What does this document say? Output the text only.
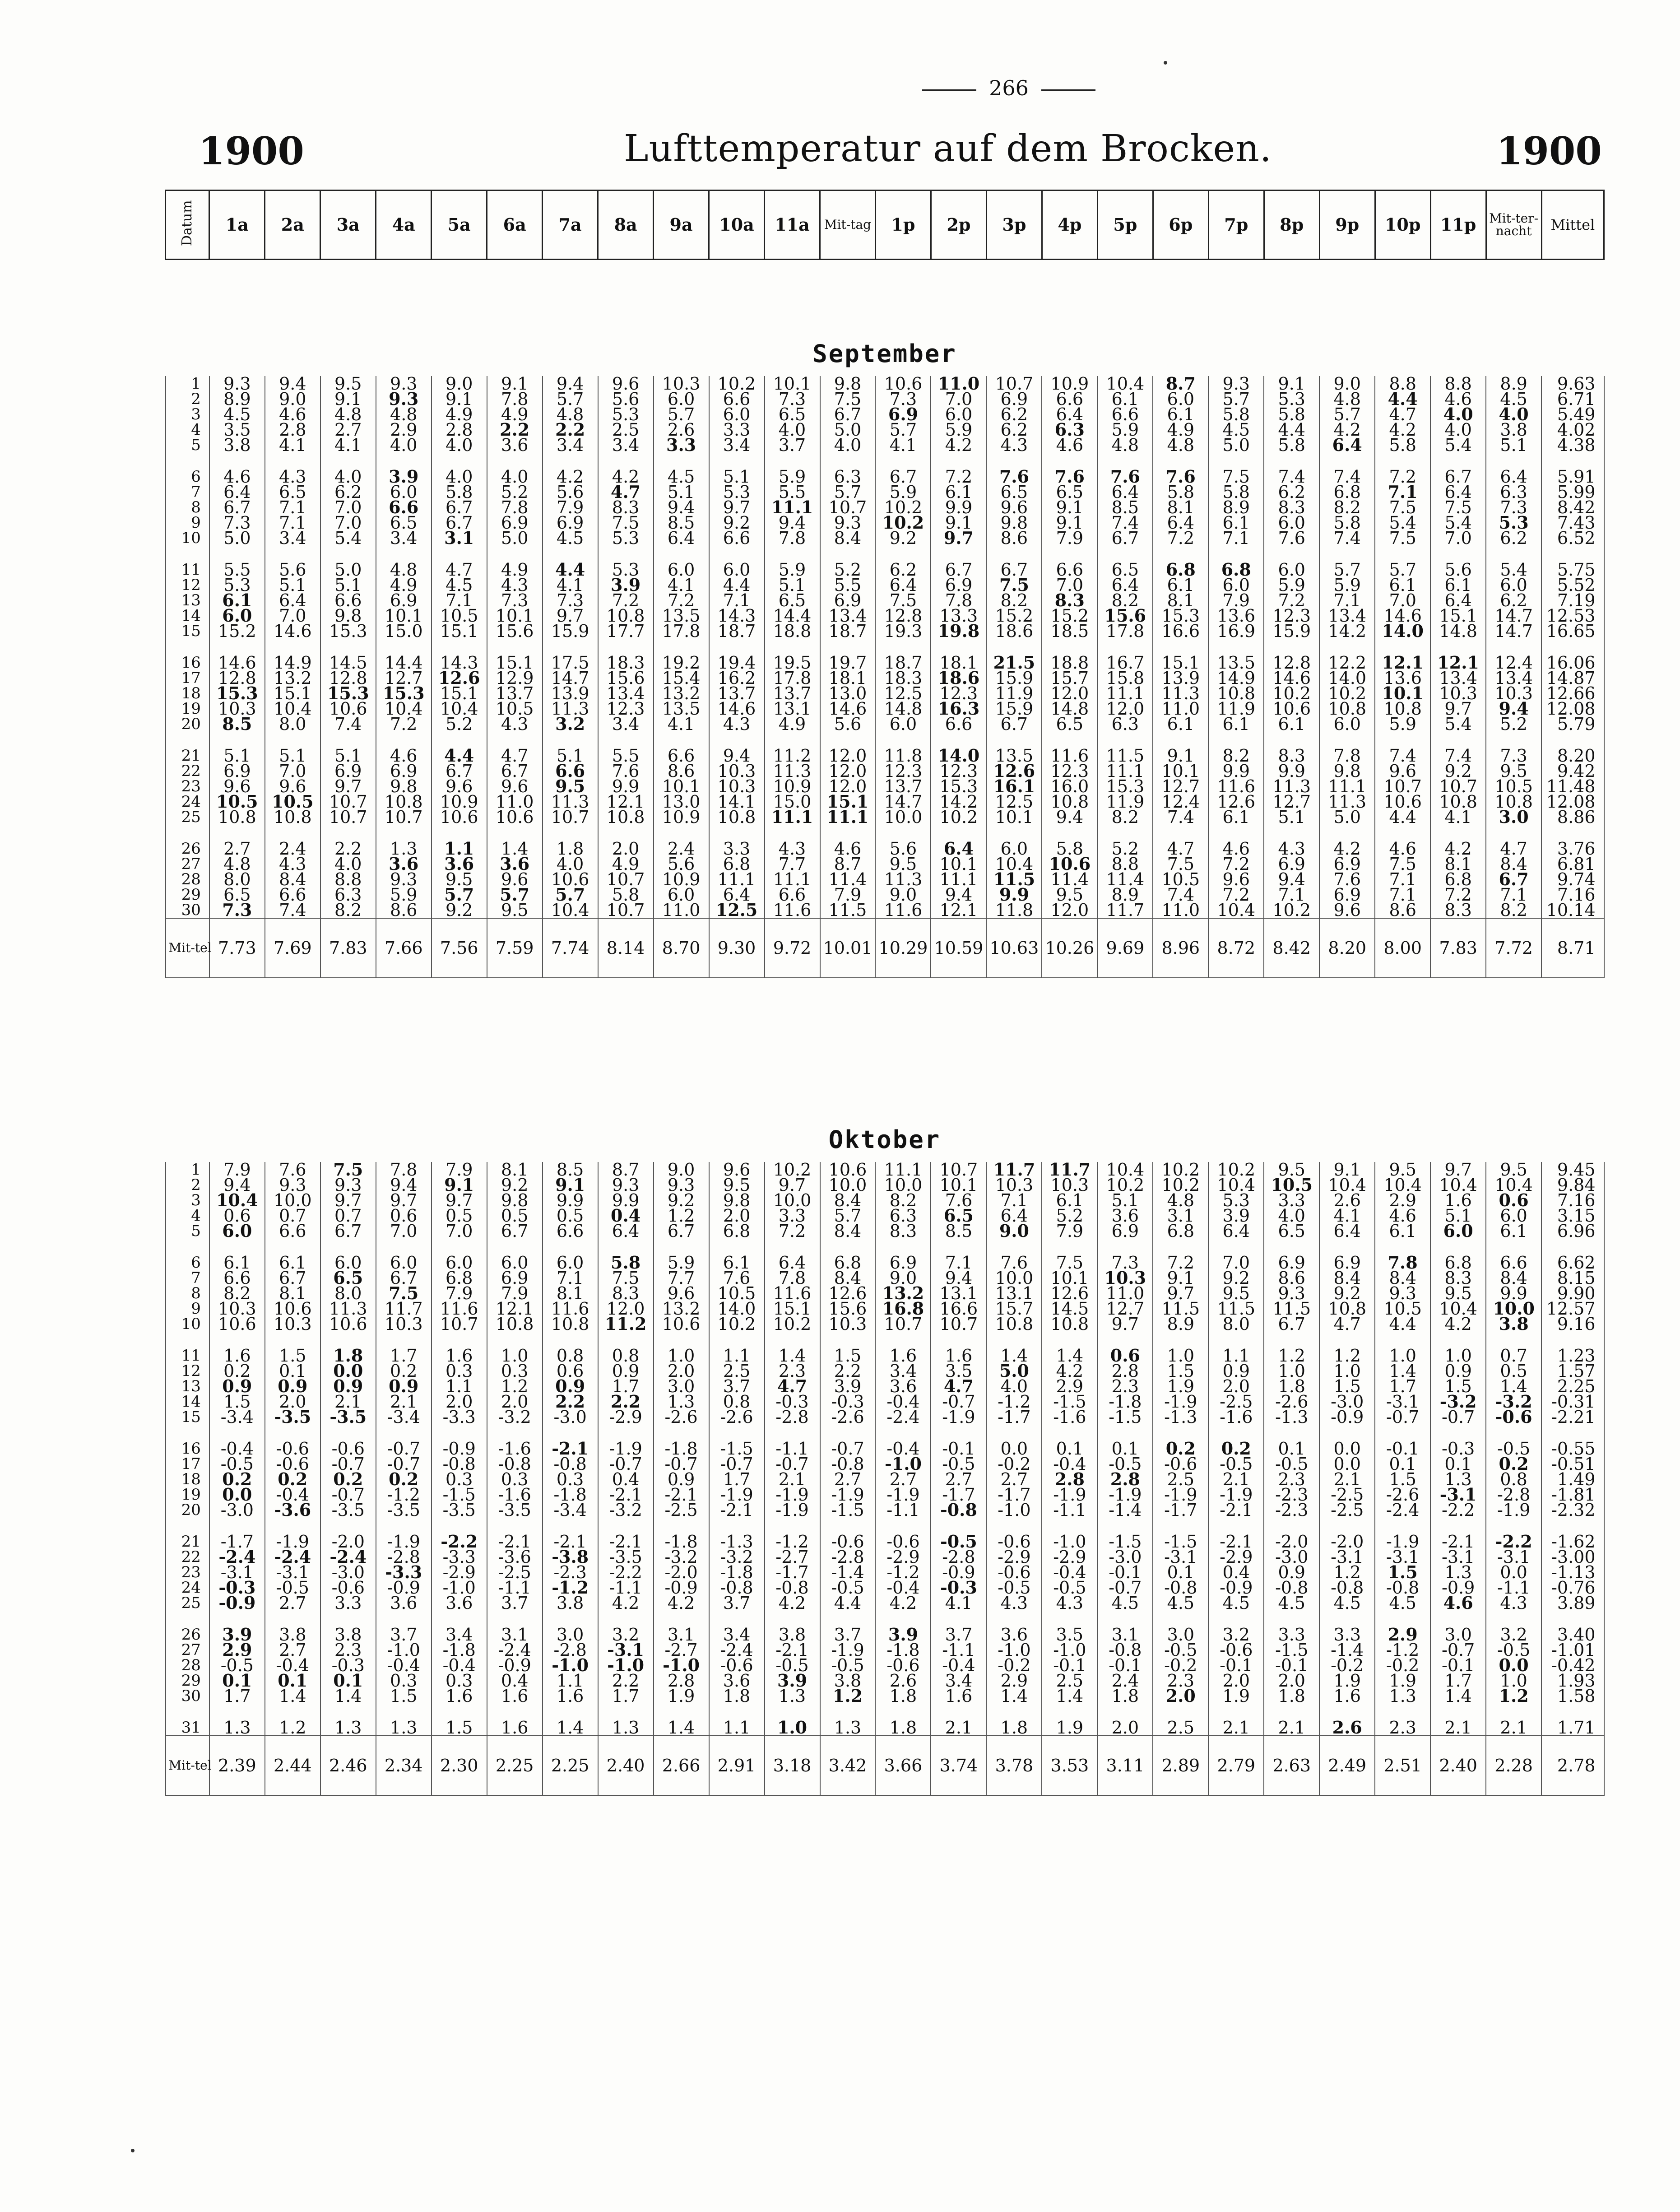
266
1900	Lufttemperatur auf dem Brocken.	1900
Datum	1a	2a	3a	4a	5a	6a	7a	8a	9a	10a	11a	Mit-tag	1p	2p	3p	4p	5p	6p	7p	8p	9p	10p	11p	Mit-ter-nacht	Mittel
September																									
1	9.3	9.4	9.5	9.3	9.0	9.1	9.4	9.6	10.3	10.2	10.1	9.8	10.6	11.0	10.7	10.9	10.4	8.7	9.3	9.1	9.0	8.8	8.8	8.9	9.63
2	8.9	9.0	9.1	9.3	9.1	7.8	5.7	5.6	6.0	6.6	7.3	7.5	7.3	7.0	6.9	6.6	6.1	6.0	5.7	5.3	4.8	4.4	4.6	4.5	6.71
3	4.5	4.6	4.8	4.8	4.9	4.9	4.8	5.3	5.7	6.0	6.5	6.7	6.9	6.0	6.2	6.4	6.6	6.1	5.8	5.8	5.7	4.7	4.0	4.0	5.49
4	3.5	2.8	2.7	2.9	2.8	2.2	2.2	2.5	2.6	3.3	4.0	5.0	5.7	5.9	6.2	6.3	5.9	4.9	4.5	4.4	4.2	4.2	4.0	3.8	4.02
5	3.8	4.1	4.1	4.0	4.0	3.6	3.4	3.4	3.3	3.4	3.7	4.0	4.1	4.2	4.3	4.6	4.8	4.8	5.0	5.8	6.4	5.8	5.4	5.1	4.38

6	4.6	4.3	4.0	3.9	4.0	4.0	4.2	4.2	4.5	5.1	5.9	6.3	6.7	7.2	7.6	7.6	7.6	7.6	7.5	7.4	7.4	7.2	6.7	6.4	5.91
7	6.4	6.5	6.2	6.0	5.8	5.2	5.6	4.7	5.1	5.3	5.5	5.7	5.9	6.1	6.5	6.5	6.4	5.8	5.8	6.2	6.8	7.1	6.4	6.3	5.99
8	6.7	7.1	7.0	6.6	6.7	7.8	7.9	8.3	9.4	9.7	11.1	10.7	10.2	9.9	9.6	9.1	8.5	8.1	8.9	8.3	8.2	7.5	7.5	7.3	8.42
9	7.3	7.1	7.0	6.5	6.7	6.9	6.9	7.5	8.5	9.2	9.4	9.3	10.2	9.1	9.8	9.1	7.4	6.4	6.1	6.0	5.8	5.4	5.4	5.3	7.43
10	5.0	3.4	5.4	3.4	3.1	5.0	4.5	5.3	6.4	6.6	7.8	8.4	9.2	9.7	8.6	7.9	6.7	7.2	7.1	7.6	7.4	7.5	7.0	6.2	6.52

11	5.5	5.6	5.0	4.8	4.7	4.9	4.4	5.3	6.0	6.0	5.9	5.2	6.2	6.7	6.7	6.6	6.5	6.8	6.8	6.0	5.7	5.7	5.6	5.4	5.75
12	5.3	5.1	5.1	4.9	4.5	4.3	4.1	3.9	4.1	4.4	5.1	5.5	6.4	6.9	7.5	7.0	6.4	6.1	6.0	5.9	5.9	6.1	6.1	6.0	5.52
13	6.1	6.4	6.6	6.9	7.1	7.3	7.3	7.2	7.2	7.1	6.5	6.9	7.5	7.8	8.2	8.3	8.2	8.1	7.9	7.2	7.1	7.0	6.4	6.2	7.19
14	6.0	7.0	9.8	10.1	10.5	10.1	9.7	10.8	13.5	14.3	14.4	13.4	12.8	13.3	15.2	15.2	15.6	15.3	13.6	12.3	13.4	14.6	15.1	14.7	12.53
15	15.2	14.6	15.3	15.0	15.1	15.6	15.9	17.7	17.8	18.7	18.8	18.7	19.3	19.8	18.6	18.5	17.8	16.6	16.9	15.9	14.2	14.0	14.8	14.7	16.65

16	14.6	14.9	14.5	14.4	14.3	15.1	17.5	18.3	19.2	19.4	19.5	19.7	18.7	18.1	21.5	18.8	16.7	15.1	13.5	12.8	12.2	12.1	12.1	12.4	16.06
17	12.8	13.2	12.8	12.7	12.6	12.9	14.7	15.6	15.4	16.2	17.8	18.1	18.3	18.6	15.9	15.7	15.8	13.9	14.9	14.6	14.0	13.6	13.4	13.4	14.87
18	15.3	15.1	15.3	15.3	15.1	13.7	13.9	13.4	13.2	13.7	13.7	13.0	12.5	12.3	11.9	12.0	11.1	11.3	10.8	10.2	10.2	10.1	10.3	10.3	12.66
19	10.3	10.4	10.6	10.4	10.4	10.5	11.3	12.3	13.5	14.6	13.1	14.6	14.8	16.3	15.9	14.8	12.0	11.0	11.9	10.6	10.8	10.8	9.7	9.4	12.08
20	8.5	8.0	7.4	7.2	5.2	4.3	3.2	3.4	4.1	4.3	4.9	5.6	6.0	6.6	6.7	6.5	6.3	6.1	6.1	6.1	6.0	5.9	5.4	5.2	5.79

21	5.1	5.1	5.1	4.6	4.4	4.7	5.1	5.5	6.6	9.4	11.2	12.0	11.8	14.0	13.5	11.6	11.5	9.1	8.2	8.3	7.8	7.4	7.4	7.3	8.20
22	6.9	7.0	6.9	6.9	6.7	6.7	6.6	7.6	8.6	10.3	11.3	12.0	12.3	12.3	12.6	12.3	11.1	10.1	9.9	9.9	9.8	9.6	9.2	9.5	9.42
23	9.6	9.6	9.7	9.8	9.6	9.6	9.5	9.9	10.1	10.3	10.9	12.0	13.7	15.3	16.1	16.0	15.3	12.7	11.6	11.3	11.1	10.7	10.7	10.5	11.48
24	10.5	10.5	10.7	10.8	10.9	11.0	11.3	12.1	13.0	14.1	15.0	15.1	14.7	14.2	12.5	10.8	11.9	12.4	12.6	12.7	11.3	10.6	10.8	10.8	12.08
25	10.8	10.8	10.7	10.7	10.6	10.6	10.7	10.8	10.9	10.8	11.1	11.1	10.0	10.2	10.1	9.4	8.2	7.4	6.1	5.1	5.0	4.4	4.1	3.0	8.86

26	2.7	2.4	2.2	1.3	1.1	1.4	1.8	2.0	2.4	3.3	4.3	4.6	5.6	6.4	6.0	5.8	5.2	4.7	4.6	4.3	4.2	4.6	4.2	4.7	3.76
27	4.8	4.3	4.0	3.6	3.6	3.6	4.0	4.9	5.6	6.8	7.7	8.7	9.5	10.1	10.4	10.6	8.8	7.5	7.2	6.9	6.9	7.5	8.1	8.4	6.81
28	8.0	8.4	8.8	9.3	9.5	9.6	10.6	10.7	10.9	11.1	11.1	11.4	11.3	11.1	11.5	11.4	11.4	10.5	9.6	9.4	7.6	7.1	6.8	6.7	9.74
29	6.5	6.6	6.3	5.9	5.7	5.7	5.7	5.8	6.0	6.4	6.6	7.9	9.0	9.4	9.9	9.5	8.9	7.4	7.2	7.1	6.9	7.1	7.2	7.1	7.16
30	7.3	7.4	8.2	8.6	9.2	9.5	10.4	10.7	11.0	12.5	11.6	11.5	11.6	12.1	11.8	12.0	11.7	11.0	10.4	10.2	9.6	8.6	8.3	8.2	10.14
Mit-tel	7.73	7.69	7.83	7.66	7.56	7.59	7.74	8.14	8.70	9.30	9.72	10.01	10.29	10.59	10.63	10.26	9.69	8.96	8.72	8.42	8.20	8.00	7.83	7.72	8.71

Oktober																									
1	7.9	7.6	7.5	7.8	7.9	8.1	8.5	8.7	9.0	9.6	10.2	10.6	11.1	10.7	11.7	11.7	10.4	10.2	10.2	9.5	9.1	9.5	9.7	9.5	9.45
2	9.4	9.3	9.3	9.4	9.1	9.2	9.1	9.3	9.3	9.5	9.7	10.0	10.0	10.1	10.3	10.3	10.2	10.2	10.4	10.5	10.4	10.4	10.4	10.4	9.84
3	10.4	10.0	9.7	9.7	9.7	9.8	9.9	9.9	9.2	9.8	10.0	8.4	8.2	7.6	7.1	6.1	5.1	4.8	5.3	3.3	2.6	2.9	1.6	0.6	7.16
4	0.6	0.7	0.7	0.6	0.5	0.5	0.5	0.4	1.2	2.0	3.3	5.7	6.3	6.5	6.4	5.2	3.6	3.1	3.9	4.0	4.1	4.6	5.1	6.0	3.15
5	6.0	6.6	6.7	7.0	7.0	6.7	6.6	6.4	6.7	6.8	7.2	8.4	8.3	8.5	9.0	7.9	6.9	6.8	6.4	6.5	6.4	6.1	6.0	6.1	6.96

6	6.1	6.1	6.0	6.0	6.0	6.0	6.0	5.8	5.9	6.1	6.4	6.8	6.9	7.1	7.6	7.5	7.3	7.2	7.0	6.9	6.9	7.8	6.8	6.6	6.62
7	6.6	6.7	6.5	6.7	6.8	6.9	7.1	7.5	7.7	7.6	7.8	8.4	9.0	9.4	10.0	10.1	10.3	9.1	9.2	8.6	8.4	8.4	8.3	8.4	8.15
8	8.2	8.1	8.0	7.5	7.9	7.9	8.1	8.3	9.6	10.5	11.6	12.6	13.2	13.1	13.1	12.6	11.0	9.7	9.5	9.3	9.2	9.3	9.5	9.9	9.90
9	10.3	10.6	11.3	11.7	11.6	12.1	11.6	12.0	13.2	14.0	15.1	15.6	16.8	16.6	15.7	14.5	12.7	11.5	11.5	11.5	10.8	10.5	10.4	10.0	12.57
10	10.6	10.3	10.6	10.3	10.7	10.8	10.8	11.2	10.6	10.2	10.2	10.3	10.7	10.7	10.8	10.8	9.7	8.9	8.0	6.7	4.7	4.4	4.2	3.8	9.16

11	1.6	1.5	1.8	1.7	1.6	1.0	0.8	0.8	1.0	1.1	1.4	1.5	1.6	1.6	1.4	1.4	0.6	1.0	1.1	1.2	1.2	1.0	1.0	0.7	1.23
12	0.2	0.1	0.0	0.2	0.3	0.3	0.6	0.9	2.0	2.5	2.3	2.2	3.4	3.5	5.0	4.2	2.8	1.5	0.9	1.0	1.0	1.4	0.9	0.5	1.57
13	0.9	0.9	0.9	0.9	1.1	1.2	0.9	1.7	3.0	3.7	4.7	3.9	3.6	4.7	4.0	2.9	2.3	1.9	2.0	1.8	1.5	1.7	1.5	1.4	2.25
14	1.5	2.0	2.1	2.1	2.0	2.0	2.2	2.2	1.3	0.8	-0.3	-0.3	-0.4	-0.7	-1.2	-1.5	-1.8	-1.9	-2.5	-2.6	-3.0	-3.1	-3.2	-3.2	-0.31
15	-3.4	-3.5	-3.5	-3.4	-3.3	-3.2	-3.0	-2.9	-2.6	-2.6	-2.8	-2.6	-2.4	-1.9	-1.7	-1.6	-1.5	-1.3	-1.6	-1.3	-0.9	-0.7	-0.7	-0.6	-2.21

16	-0.4	-0.6	-0.6	-0.7	-0.9	-1.6	-2.1	-1.9	-1.8	-1.5	-1.1	-0.7	-0.4	-0.1	0.0	0.1	0.1	0.2	0.2	0.1	0.0	-0.1	-0.3	-0.5	-0.55
17	-0.5	-0.6	-0.7	-0.7	-0.8	-0.8	-0.8	-0.7	-0.7	-0.7	-0.7	-0.8	-1.0	-0.5	-0.2	-0.4	-0.5	-0.6	-0.5	-0.5	0.0	0.1	0.1	0.2	-0.51
18	0.2	0.2	0.2	0.2	0.3	0.3	0.3	0.4	0.9	1.7	2.1	2.7	2.7	2.7	2.7	2.8	2.8	2.5	2.1	2.3	2.1	1.5	1.3	0.8	1.49
19	0.0	-0.4	-0.7	-1.2	-1.5	-1.6	-1.8	-2.1	-2.1	-1.9	-1.9	-1.9	-1.9	-1.7	-1.7	-1.9	-1.9	-1.9	-1.9	-2.3	-2.5	-2.6	-3.1	-2.8	-1.81
20	-3.0	-3.6	-3.5	-3.5	-3.5	-3.5	-3.4	-3.2	-2.5	-2.1	-1.9	-1.5	-1.1	-0.8	-1.0	-1.1	-1.4	-1.7	-2.1	-2.3	-2.5	-2.4	-2.2	-1.9	-2.32

21	-1.7	-1.9	-2.0	-1.9	-2.2	-2.1	-2.1	-2.1	-1.8	-1.3	-1.2	-0.6	-0.6	-0.5	-0.6	-1.0	-1.5	-1.5	-2.1	-2.0	-2.0	-1.9	-2.1	-2.2	-1.62
22	-2.4	-2.4	-2.4	-2.8	-3.3	-3.6	-3.8	-3.5	-3.2	-3.2	-2.7	-2.8	-2.9	-2.8	-2.9	-2.9	-3.0	-3.1	-2.9	-3.0	-3.1	-3.1	-3.1	-3.1	-3.00
23	-3.1	-3.1	-3.0	-3.3	-2.9	-2.5	-2.3	-2.2	-2.0	-1.8	-1.7	-1.4	-1.2	-0.9	-0.6	-0.4	-0.1	0.1	0.4	0.9	1.2	1.5	1.3	0.0	-1.13
24	-0.3	-0.5	-0.6	-0.9	-1.0	-1.1	-1.2	-1.1	-0.9	-0.8	-0.8	-0.5	-0.4	-0.3	-0.5	-0.5	-0.7	-0.8	-0.9	-0.8	-0.8	-0.8	-0.9	-1.1	-0.76
25	-0.9	2.7	3.3	3.6	3.6	3.7	3.8	4.2	4.2	3.7	4.2	4.4	4.2	4.1	4.3	4.3	4.5	4.5	4.5	4.5	4.5	4.5	4.6	4.3	3.89

26	3.9	3.8	3.8	3.7	3.4	3.1	3.0	3.2	3.1	3.4	3.8	3.7	3.9	3.7	3.6	3.5	3.1	3.0	3.2	3.3	3.3	2.9	3.0	3.2	3.40
27	2.9	2.7	2.3	-1.0	-1.8	-2.4	-2.8	-3.1	-2.7	-2.4	-2.1	-1.9	-1.8	-1.1	-1.0	-1.0	-0.8	-0.5	-0.6	-1.5	-1.4	-1.2	-0.7	-0.5	-1.01
28	-0.5	-0.4	-0.3	-0.4	-0.4	-0.9	-1.0	-1.0	-1.0	-0.6	-0.5	-0.5	-0.6	-0.4	-0.2	-0.1	-0.1	-0.2	-0.1	-0.1	-0.2	-0.2	-0.1	0.0	-0.42
29	0.1	0.1	0.1	0.3	0.3	0.4	1.1	2.2	2.8	3.6	3.9	3.8	2.6	3.4	2.9	2.5	2.4	2.3	2.0	2.0	1.9	1.9	1.7	1.0	1.93
30	1.7	1.4	1.4	1.5	1.6	1.6	1.6	1.7	1.9	1.8	1.3	1.2	1.8	1.6	1.4	1.4	1.8	2.0	1.9	1.8	1.6	1.3	1.4	1.2	1.58

31	1.3	1.2	1.3	1.3	1.5	1.6	1.4	1.3	1.4	1.1	1.0	1.3	1.8	2.1	1.8	1.9	2.0	2.5	2.1	2.1	2.6	2.3	2.1	2.1	1.71
Mit-tel	2.39	2.44	2.46	2.34	2.30	2.25	2.25	2.40	2.66	2.91	3.18	3.42	3.66	3.74	3.78	3.53	3.11	2.89	2.79	2.63	2.49	2.51	2.40	2.28	2.78
